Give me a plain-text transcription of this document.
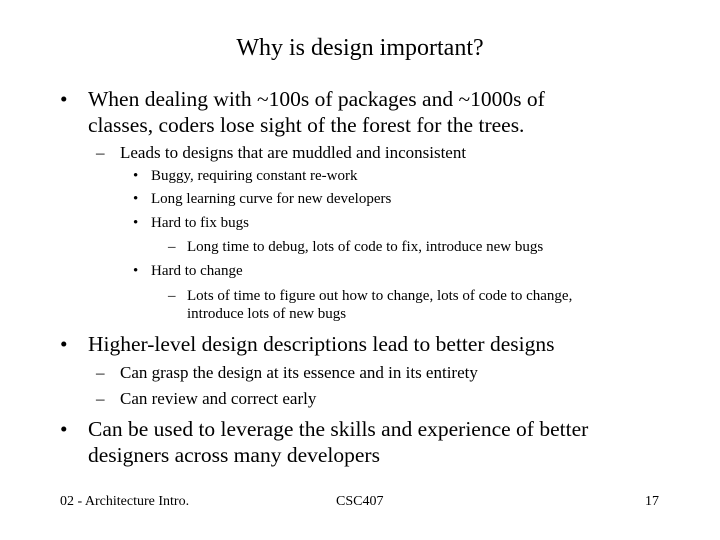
Why is design important?
• When dealing with ~100s of packages and ~1000s of
classes, coders lose sight of the forest for the trees.
– Leads to designs that are muddled and inconsistent
• Buggy, requiring constant re-work
• Long learning curve for new developers
• Hard to fix bugs
– Long time to debug, lots of code to fix, introduce new bugs
• Hard to change
– Lots of time to figure out how to change, lots of code to change,
introduce lots of new bugs
• Higher-level design descriptions lead to better designs
– Can grasp the design at its essence and in its entirety
– Can review and correct early
• Can be used to leverage the skills and experience of better
designers across many developers
02 - Architecture Intro.	CSC407	17
